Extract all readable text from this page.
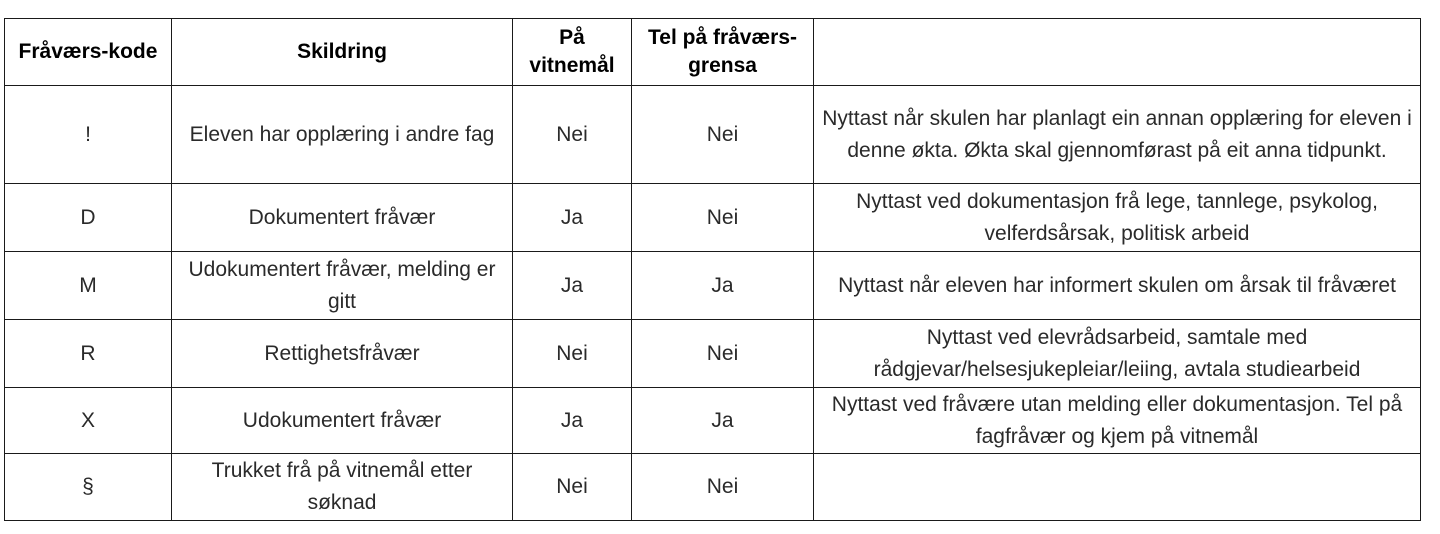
Fråværs-kode	Skildring	På vitnemål	Tel på fråværs-grensa	
!	Eleven har opplæring i andre fag	Nei	Nei	Nyttast når skulen har planlagt ein annan opplæring for eleven i denne økta. Økta skal gjennomførast på eit anna tidpunkt.
D	Dokumentert fråvær	Ja	Nei	Nyttast ved dokumentasjon frå lege, tannlege, psykolog, velferdsårsak, politisk arbeid
M	Udokumentert fråvær, melding er gitt	Ja	Ja	Nyttast når eleven har informert skulen om årsak til fråværet
R	Rettighetsfråvær	Nei	Nei	Nyttast ved elevrådsarbeid, samtale med rådgjevar/helsesjukepleiar/leiing, avtala studiearbeid
X	Udokumentert fråvær	Ja	Ja	Nyttast ved fråvære utan melding eller dokumentasjon. Tel på fagfråvær og kjem på vitnemål
§	Trukket frå på vitnemål etter søknad	Nei	Nei	
